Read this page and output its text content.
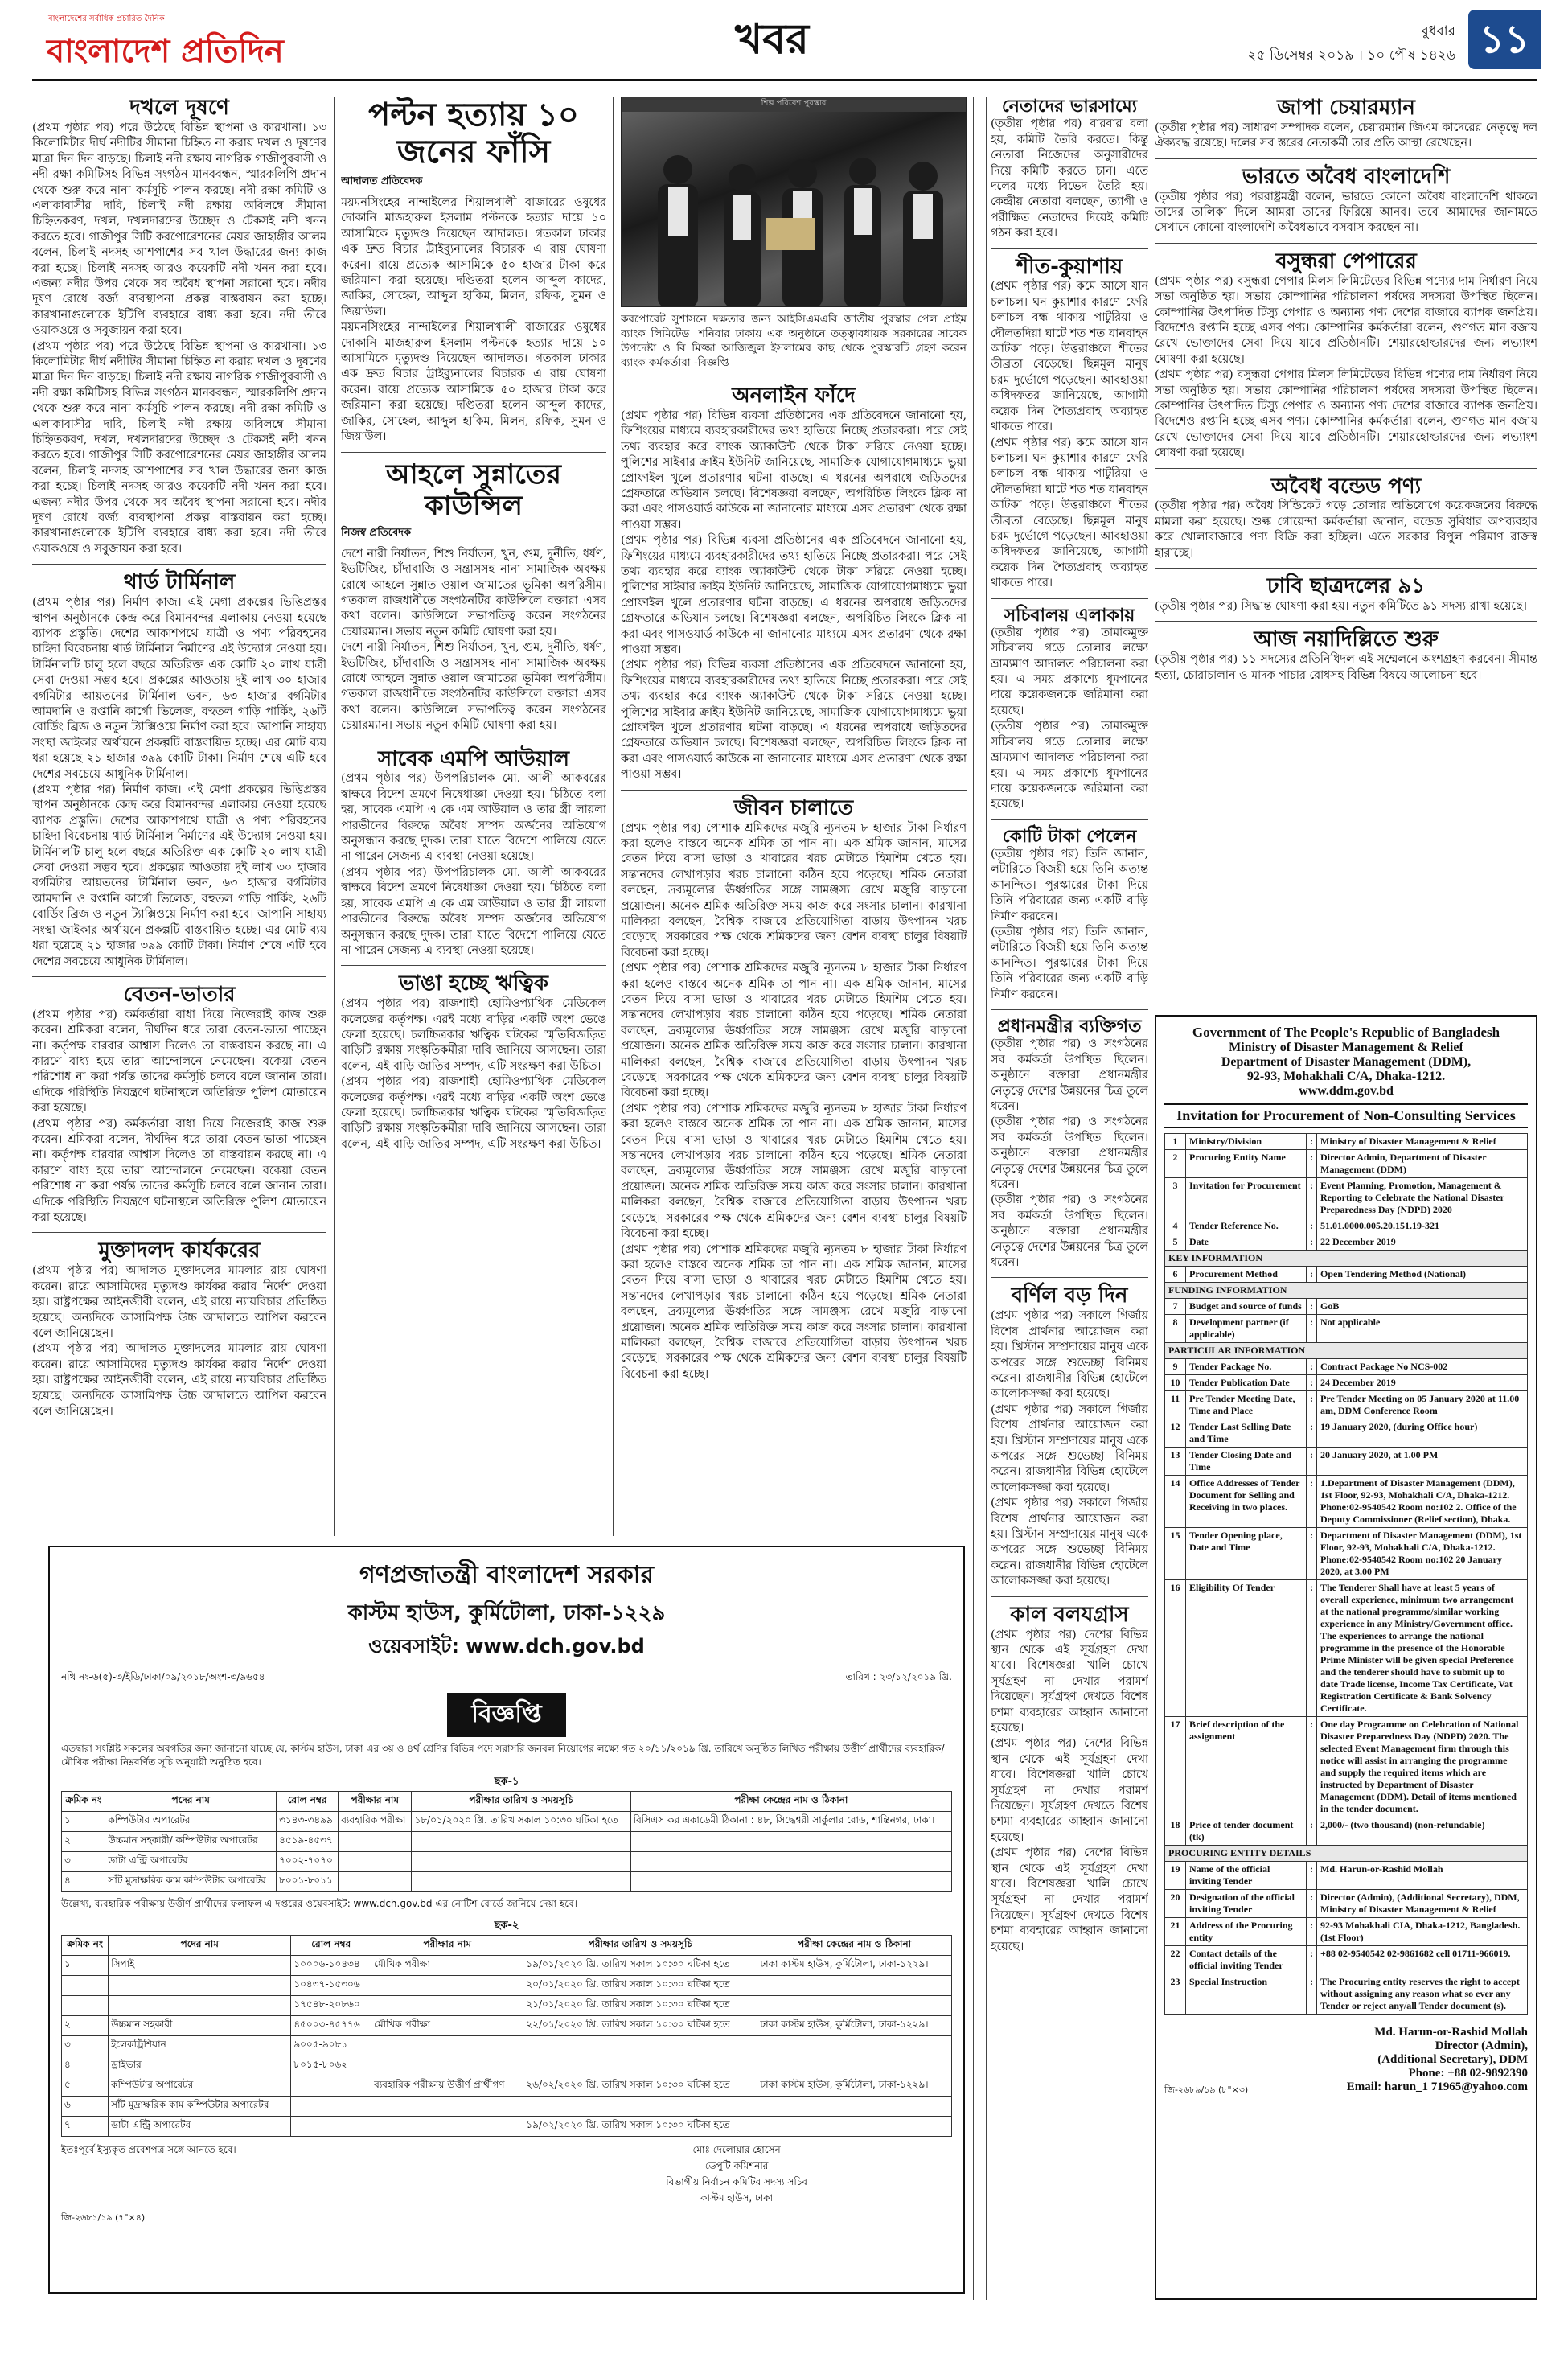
বাংলাদেশের সর্বাধিক প্রচারিত দৈনিক
বাংলাদেশ প্রতিদিন	খবর	বুধবার
২৫ ডিসেম্বর ২০১৯ । ১০ পৌষ ১৪২৬ ১১
দখলে দূষণে

(প্রথম পৃষ্ঠার পর) পরে উঠেছে বিভিন্ন স্থাপনা ও কারখানা। ১৩ কিলোমিটার দীর্ঘ নদীটির সীমানা চিহ্নিত না করায় দখল ও দূষণের মাত্রা দিন দিন বাড়ছে। চিলাই নদী রক্ষায় নাগরিক গাজীপুরবাসী ও নদী রক্ষা কমিটিসহ বিভিন্ন সংগঠন মানববন্ধন, স্মারকলিপি প্রদান থেকে শুরু করে নানা কর্মসূচি পালন করছে। নদী রক্ষা কমিটি ও এলাকাবাসীর দাবি, চিলাই নদী রক্ষায় অবিলম্বে সীমানা চিহ্নিতকরণ, দখল, দখলদারদের উচ্ছেদ ও টেকসই নদী খনন করতে হবে। গাজীপুর সিটি করপোরেশনের মেয়র জাহাঙ্গীর আলম বলেন, চিলাই নদসহ আশপাশের সব খাল উদ্ধারের জন্য কাজ করা হচ্ছে। চিলাই নদসহ আরও কয়েকটি নদী খনন করা হবে। এজন্য নদীর উপর থেকে সব অবৈধ স্থাপনা সরানো হবে। নদীর দূষণ রোধে বর্জ্য ব্যবস্থাপনা প্রকল্প বাস্তবায়ন করা হচ্ছে। কারখানাগুলোকে ইটিপি ব্যবহারে বাধ্য করা হবে। নদী তীরে ওয়াকওয়ে ও সবুজায়ন করা হবে।

(প্রথম পৃষ্ঠার পর) পরে উঠেছে বিভিন্ন স্থাপনা ও কারখানা। ১৩ কিলোমিটার দীর্ঘ নদীটির সীমানা চিহ্নিত না করায় দখল ও দূষণের মাত্রা দিন দিন বাড়ছে। চিলাই নদী রক্ষায় নাগরিক গাজীপুরবাসী ও নদী রক্ষা কমিটিসহ বিভিন্ন সংগঠন মানববন্ধন, স্মারকলিপি প্রদান থেকে শুরু করে নানা কর্মসূচি পালন করছে। নদী রক্ষা কমিটি ও এলাকাবাসীর দাবি, চিলাই নদী রক্ষায় অবিলম্বে সীমানা চিহ্নিতকরণ, দখল, দখলদারদের উচ্ছেদ ও টেকসই নদী খনন করতে হবে। গাজীপুর সিটি করপোরেশনের মেয়র জাহাঙ্গীর আলম বলেন, চিলাই নদসহ আশপাশের সব খাল উদ্ধারের জন্য কাজ করা হচ্ছে। চিলাই নদসহ আরও কয়েকটি নদী খনন করা হবে। এজন্য নদীর উপর থেকে সব অবৈধ স্থাপনা সরানো হবে। নদীর দূষণ রোধে বর্জ্য ব্যবস্থাপনা প্রকল্প বাস্তবায়ন করা হচ্ছে। কারখানাগুলোকে ইটিপি ব্যবহারে বাধ্য করা হবে। নদী তীরে ওয়াকওয়ে ও সবুজায়ন করা হবে।

থার্ড টার্মিনাল

(প্রথম পৃষ্ঠার পর) নির্মাণ কাজ। এই মেগা প্রকল্পের ভিত্তিপ্রস্তর স্থাপন অনুষ্ঠানকে কেন্দ্র করে বিমানবন্দর এলাকায় নেওয়া হয়েছে ব্যাপক প্রস্তুতি। দেশের আকাশপথে যাত্রী ও পণ্য পরিবহনের চাহিদা বিবেচনায় থার্ড টার্মিনাল নির্মাণের এই উদ্যোগ নেওয়া হয়। টার্মিনালটি চালু হলে বছরে অতিরিক্ত এক কোটি ২০ লাখ যাত্রী সেবা দেওয়া সম্ভব হবে। প্রকল্পের আওতায় দুই লাখ ৩০ হাজার বর্গমিটার আয়তনের টার্মিনাল ভবন, ৬৩ হাজার বর্গমিটার আমদানি ও রপ্তানি কার্গো ভিলেজ, বহুতল গাড়ি পার্কিং, ২৬টি বোর্ডিং ব্রিজ ও নতুন ট্যাক্সিওয়ে নির্মাণ করা হবে। জাপানি সাহায্য সংস্থা জাইকার অর্থায়নে প্রকল্পটি বাস্তবায়িত হচ্ছে। এর মোট ব্যয় ধরা হয়েছে ২১ হাজার ৩৯৯ কোটি টাকা। নির্মাণ শেষে এটি হবে দেশের সবচেয়ে আধুনিক টার্মিনাল।

(প্রথম পৃষ্ঠার পর) নির্মাণ কাজ। এই মেগা প্রকল্পের ভিত্তিপ্রস্তর স্থাপন অনুষ্ঠানকে কেন্দ্র করে বিমানবন্দর এলাকায় নেওয়া হয়েছে ব্যাপক প্রস্তুতি। দেশের আকাশপথে যাত্রী ও পণ্য পরিবহনের চাহিদা বিবেচনায় থার্ড টার্মিনাল নির্মাণের এই উদ্যোগ নেওয়া হয়। টার্মিনালটি চালু হলে বছরে অতিরিক্ত এক কোটি ২০ লাখ যাত্রী সেবা দেওয়া সম্ভব হবে। প্রকল্পের আওতায় দুই লাখ ৩০ হাজার বর্গমিটার আয়তনের টার্মিনাল ভবন, ৬৩ হাজার বর্গমিটার আমদানি ও রপ্তানি কার্গো ভিলেজ, বহুতল গাড়ি পার্কিং, ২৬টি বোর্ডিং ব্রিজ ও নতুন ট্যাক্সিওয়ে নির্মাণ করা হবে। জাপানি সাহায্য সংস্থা জাইকার অর্থায়নে প্রকল্পটি বাস্তবায়িত হচ্ছে। এর মোট ব্যয় ধরা হয়েছে ২১ হাজার ৩৯৯ কোটি টাকা। নির্মাণ শেষে এটি হবে দেশের সবচেয়ে আধুনিক টার্মিনাল।

বেতন-ভাতার

(প্রথম পৃষ্ঠার পর) কর্মকর্তারা বাধা দিয়ে নিজেরাই কাজ শুরু করেন। শ্রমিকরা বলেন, দীর্ঘদিন ধরে তারা বেতন-ভাতা পাচ্ছেন না। কর্তৃপক্ষ বারবার আশ্বাস দিলেও তা বাস্তবায়ন করছে না। এ কারণে বাধ্য হয়ে তারা আন্দোলনে নেমেছেন। বকেয়া বেতন পরিশোধ না করা পর্যন্ত তাদের কর্মসূচি চলবে বলে জানান তারা। এদিকে পরিস্থিতি নিয়ন্ত্রণে ঘটনাস্থলে অতিরিক্ত পুলিশ মোতায়েন করা হয়েছে।

(প্রথম পৃষ্ঠার পর) কর্মকর্তারা বাধা দিয়ে নিজেরাই কাজ শুরু করেন। শ্রমিকরা বলেন, দীর্ঘদিন ধরে তারা বেতন-ভাতা পাচ্ছেন না। কর্তৃপক্ষ বারবার আশ্বাস দিলেও তা বাস্তবায়ন করছে না। এ কারণে বাধ্য হয়ে তারা আন্দোলনে নেমেছেন। বকেয়া বেতন পরিশোধ না করা পর্যন্ত তাদের কর্মসূচি চলবে বলে জানান তারা। এদিকে পরিস্থিতি নিয়ন্ত্রণে ঘটনাস্থলে অতিরিক্ত পুলিশ মোতায়েন করা হয়েছে।

মুক্তাদলদ কার্যকরের

(প্রথম পৃষ্ঠার পর) আদালত মুক্তাদলের মামলার রায় ঘোষণা করেন। রায়ে আসামিদের মৃত্যুদণ্ড কার্যকর করার নির্দেশ দেওয়া হয়। রাষ্ট্রপক্ষের আইনজীবী বলেন, এই রায়ে ন্যায়বিচার প্রতিষ্ঠিত হয়েছে। অন্যদিকে আসামিপক্ষ উচ্চ আদালতে আপিল করবেন বলে জানিয়েছেন।

(প্রথম পৃষ্ঠার পর) আদালত মুক্তাদলের মামলার রায় ঘোষণা করেন। রায়ে আসামিদের মৃত্যুদণ্ড কার্যকর করার নির্দেশ দেওয়া হয়। রাষ্ট্রপক্ষের আইনজীবী বলেন, এই রায়ে ন্যায়বিচার প্রতিষ্ঠিত হয়েছে। অন্যদিকে আসামিপক্ষ উচ্চ আদালতে আপিল করবেন বলে জানিয়েছেন।

পল্টন হত্যায় ১০ জনের ফাঁসি
আদালত প্রতিবেদক

ময়মনসিংহের নান্দাইলের শিয়ালখালী বাজারের ওষুধের দোকানি মাজহারুল ইসলাম পল্টনকে হত্যার দায়ে ১০ আসামিকে মৃত্যুদণ্ড দিয়েছেন আদালত। গতকাল ঢাকার এক দ্রুত বিচার ট্রাইব্যুনালের বিচারক এ রায় ঘোষণা করেন। রায়ে প্রত্যেক আসামিকে ৫০ হাজার টাকা করে জরিমানা করা হয়েছে। দণ্ডিতরা হলেন আব্দুল কাদের, জাকির, সোহেল, আব্দুল হাকিম, মিলন, রফিক, সুমন ও জিয়াউল।

ময়মনসিংহের নান্দাইলের শিয়ালখালী বাজারের ওষুধের দোকানি মাজহারুল ইসলাম পল্টনকে হত্যার দায়ে ১০ আসামিকে মৃত্যুদণ্ড দিয়েছেন আদালত। গতকাল ঢাকার এক দ্রুত বিচার ট্রাইব্যুনালের বিচারক এ রায় ঘোষণা করেন। রায়ে প্রত্যেক আসামিকে ৫০ হাজার টাকা করে জরিমানা করা হয়েছে। দণ্ডিতরা হলেন আব্দুল কাদের, জাকির, সোহেল, আব্দুল হাকিম, মিলন, রফিক, সুমন ও জিয়াউল।

আহলে সুন্নাতের কাউন্সিল
নিজস্ব প্রতিবেদক

দেশে নারী নির্যাতন, শিশু নির্যাতন, খুন, গুম, দুর্নীতি, ধর্ষণ, ইভটিজিং, চাঁদাবাজি ও সন্ত্রাসসহ নানা সামাজিক অবক্ষয় রোধে আহলে সুন্নাত ওয়াল জামাতের ভূমিকা অপরিসীম। গতকাল রাজধানীতে সংগঠনটির কাউন্সিলে বক্তারা এসব কথা বলেন। কাউন্সিলে সভাপতিত্ব করেন সংগঠনের চেয়ারম্যান। সভায় নতুন কমিটি ঘোষণা করা হয়।

দেশে নারী নির্যাতন, শিশু নির্যাতন, খুন, গুম, দুর্নীতি, ধর্ষণ, ইভটিজিং, চাঁদাবাজি ও সন্ত্রাসসহ নানা সামাজিক অবক্ষয় রোধে আহলে সুন্নাত ওয়াল জামাতের ভূমিকা অপরিসীম। গতকাল রাজধানীতে সংগঠনটির কাউন্সিলে বক্তারা এসব কথা বলেন। কাউন্সিলে সভাপতিত্ব করেন সংগঠনের চেয়ারম্যান। সভায় নতুন কমিটি ঘোষণা করা হয়।

সাবেক এমপি আউয়াল

(প্রথম পৃষ্ঠার পর) উপপরিচালক মো. আলী আকবরের স্বাক্ষরে বিদেশ ভ্রমণে নিষেধাজ্ঞা দেওয়া হয়। চিঠিতে বলা হয়, সাবেক এমপি এ কে এম আউয়াল ও তার স্ত্রী লায়লা পারভীনের বিরুদ্ধে অবৈধ সম্পদ অর্জনের অভিযোগ অনুসন্ধান করছে দুদক। তারা যাতে বিদেশে পালিয়ে যেতে না পারেন সেজন্য এ ব্যবস্থা নেওয়া হয়েছে।

(প্রথম পৃষ্ঠার পর) উপপরিচালক মো. আলী আকবরের স্বাক্ষরে বিদেশ ভ্রমণে নিষেধাজ্ঞা দেওয়া হয়। চিঠিতে বলা হয়, সাবেক এমপি এ কে এম আউয়াল ও তার স্ত্রী লায়লা পারভীনের বিরুদ্ধে অবৈধ সম্পদ অর্জনের অভিযোগ অনুসন্ধান করছে দুদক। তারা যাতে বিদেশে পালিয়ে যেতে না পারেন সেজন্য এ ব্যবস্থা নেওয়া হয়েছে।

ভাঙা হচ্ছে ঋত্বিক

(প্রথম পৃষ্ঠার পর) রাজশাহী হোমিওপ্যাথিক মেডিকেল কলেজের কর্তৃপক্ষ। এরই মধ্যে বাড়ির একটি অংশ ভেঙে ফেলা হয়েছে। চলচ্চিত্রকার ঋত্বিক ঘটকের স্মৃতিবিজড়িত বাড়িটি রক্ষায় সংস্কৃতিকর্মীরা দাবি জানিয়ে আসছেন। তারা বলেন, এই বাড়ি জাতির সম্পদ, এটি সংরক্ষণ করা উচিত।

(প্রথম পৃষ্ঠার পর) রাজশাহী হোমিওপ্যাথিক মেডিকেল কলেজের কর্তৃপক্ষ। এরই মধ্যে বাড়ির একটি অংশ ভেঙে ফেলা হয়েছে। চলচ্চিত্রকার ঋত্বিক ঘটকের স্মৃতিবিজড়িত বাড়িটি রক্ষায় সংস্কৃতিকর্মীরা দাবি জানিয়ে আসছেন। তারা বলেন, এই বাড়ি জাতির সম্পদ, এটি সংরক্ষণ করা উচিত।

শিল্প পরিবেশ পুরস্কার

করপোরেট সুশাসনে দক্ষতার জন্য আইসিএমএবি জাতীয় পুরস্কার পেল প্রাইম ব্যাংক লিমিটেড। শনিবার ঢাকায় এক অনুষ্ঠানে তত্ত্বাবধায়ক সরকারের সাবেক উপদেষ্টা ও বি মিজ্জা আজিজুল ইসলামের কাছ থেকে পুরস্কারটি গ্রহণ করেন ব্যাংক কর্মকর্তারা -বিজ্ঞপ্তি

অনলাইন ফাঁদে

(প্রথম পৃষ্ঠার পর) বিভিন্ন ব্যবসা প্রতিষ্ঠানের এক প্রতিবেদনে জানানো হয়, ফিশিংয়ের মাধ্যমে ব্যবহারকারীদের তথ্য হাতিয়ে নিচ্ছে প্রতারকরা। পরে সেই তথ্য ব্যবহার করে ব্যাংক অ্যাকাউন্ট থেকে টাকা সরিয়ে নেওয়া হচ্ছে। পুলিশের সাইবার ক্রাইম ইউনিট জানিয়েছে, সামাজিক যোগাযোগমাধ্যমে ভুয়া প্রোফাইল খুলে প্রতারণার ঘটনা বাড়ছে। এ ধরনের অপরাধে জড়িতদের গ্রেফতারে অভিযান চলছে। বিশেষজ্ঞরা বলছেন, অপরিচিত লিংকে ক্লিক না করা এবং পাসওয়ার্ড কাউকে না জানানোর মাধ্যমে এসব প্রতারণা থেকে রক্ষা পাওয়া সম্ভব।

(প্রথম পৃষ্ঠার পর) বিভিন্ন ব্যবসা প্রতিষ্ঠানের এক প্রতিবেদনে জানানো হয়, ফিশিংয়ের মাধ্যমে ব্যবহারকারীদের তথ্য হাতিয়ে নিচ্ছে প্রতারকরা। পরে সেই তথ্য ব্যবহার করে ব্যাংক অ্যাকাউন্ট থেকে টাকা সরিয়ে নেওয়া হচ্ছে। পুলিশের সাইবার ক্রাইম ইউনিট জানিয়েছে, সামাজিক যোগাযোগমাধ্যমে ভুয়া প্রোফাইল খুলে প্রতারণার ঘটনা বাড়ছে। এ ধরনের অপরাধে জড়িতদের গ্রেফতারে অভিযান চলছে। বিশেষজ্ঞরা বলছেন, অপরিচিত লিংকে ক্লিক না করা এবং পাসওয়ার্ড কাউকে না জানানোর মাধ্যমে এসব প্রতারণা থেকে রক্ষা পাওয়া সম্ভব।

(প্রথম পৃষ্ঠার পর) বিভিন্ন ব্যবসা প্রতিষ্ঠানের এক প্রতিবেদনে জানানো হয়, ফিশিংয়ের মাধ্যমে ব্যবহারকারীদের তথ্য হাতিয়ে নিচ্ছে প্রতারকরা। পরে সেই তথ্য ব্যবহার করে ব্যাংক অ্যাকাউন্ট থেকে টাকা সরিয়ে নেওয়া হচ্ছে। পুলিশের সাইবার ক্রাইম ইউনিট জানিয়েছে, সামাজিক যোগাযোগমাধ্যমে ভুয়া প্রোফাইল খুলে প্রতারণার ঘটনা বাড়ছে। এ ধরনের অপরাধে জড়িতদের গ্রেফতারে অভিযান চলছে। বিশেষজ্ঞরা বলছেন, অপরিচিত লিংকে ক্লিক না করা এবং পাসওয়ার্ড কাউকে না জানানোর মাধ্যমে এসব প্রতারণা থেকে রক্ষা পাওয়া সম্ভব।

জীবন চালাতে

(প্রথম পৃষ্ঠার পর) পোশাক শ্রমিকদের মজুরি ন্যূনতম ৮ হাজার টাকা নির্ধারণ করা হলেও বাস্তবে অনেক শ্রমিক তা পান না। এক শ্রমিক জানান, মাসের বেতন দিয়ে বাসা ভাড়া ও খাবারের খরচ মেটাতে হিমশিম খেতে হয়। সন্তানদের লেখাপড়ার খরচ চালানো কঠিন হয়ে পড়েছে। শ্রমিক নেতারা বলছেন, দ্রব্যমূল্যের ঊর্ধ্বগতির সঙ্গে সামঞ্জস্য রেখে মজুরি বাড়ানো প্রয়োজন। অনেক শ্রমিক অতিরিক্ত সময় কাজ করে সংসার চালান। কারখানা মালিকরা বলছেন, বৈশ্বিক বাজারে প্রতিযোগিতা বাড়ায় উৎপাদন খরচ বেড়েছে। সরকারের পক্ষ থেকে শ্রমিকদের জন্য রেশন ব্যবস্থা চালুর বিষয়টি বিবেচনা করা হচ্ছে।

(প্রথম পৃষ্ঠার পর) পোশাক শ্রমিকদের মজুরি ন্যূনতম ৮ হাজার টাকা নির্ধারণ করা হলেও বাস্তবে অনেক শ্রমিক তা পান না। এক শ্রমিক জানান, মাসের বেতন দিয়ে বাসা ভাড়া ও খাবারের খরচ মেটাতে হিমশিম খেতে হয়। সন্তানদের লেখাপড়ার খরচ চালানো কঠিন হয়ে পড়েছে। শ্রমিক নেতারা বলছেন, দ্রব্যমূল্যের ঊর্ধ্বগতির সঙ্গে সামঞ্জস্য রেখে মজুরি বাড়ানো প্রয়োজন। অনেক শ্রমিক অতিরিক্ত সময় কাজ করে সংসার চালান। কারখানা মালিকরা বলছেন, বৈশ্বিক বাজারে প্রতিযোগিতা বাড়ায় উৎপাদন খরচ বেড়েছে। সরকারের পক্ষ থেকে শ্রমিকদের জন্য রেশন ব্যবস্থা চালুর বিষয়টি বিবেচনা করা হচ্ছে।

(প্রথম পৃষ্ঠার পর) পোশাক শ্রমিকদের মজুরি ন্যূনতম ৮ হাজার টাকা নির্ধারণ করা হলেও বাস্তবে অনেক শ্রমিক তা পান না। এক শ্রমিক জানান, মাসের বেতন দিয়ে বাসা ভাড়া ও খাবারের খরচ মেটাতে হিমশিম খেতে হয়। সন্তানদের লেখাপড়ার খরচ চালানো কঠিন হয়ে পড়েছে। শ্রমিক নেতারা বলছেন, দ্রব্যমূল্যের ঊর্ধ্বগতির সঙ্গে সামঞ্জস্য রেখে মজুরি বাড়ানো প্রয়োজন। অনেক শ্রমিক অতিরিক্ত সময় কাজ করে সংসার চালান। কারখানা মালিকরা বলছেন, বৈশ্বিক বাজারে প্রতিযোগিতা বাড়ায় উৎপাদন খরচ বেড়েছে। সরকারের পক্ষ থেকে শ্রমিকদের জন্য রেশন ব্যবস্থা চালুর বিষয়টি বিবেচনা করা হচ্ছে।

(প্রথম পৃষ্ঠার পর) পোশাক শ্রমিকদের মজুরি ন্যূনতম ৮ হাজার টাকা নির্ধারণ করা হলেও বাস্তবে অনেক শ্রমিক তা পান না। এক শ্রমিক জানান, মাসের বেতন দিয়ে বাসা ভাড়া ও খাবারের খরচ মেটাতে হিমশিম খেতে হয়। সন্তানদের লেখাপড়ার খরচ চালানো কঠিন হয়ে পড়েছে। শ্রমিক নেতারা বলছেন, দ্রব্যমূল্যের ঊর্ধ্বগতির সঙ্গে সামঞ্জস্য রেখে মজুরি বাড়ানো প্রয়োজন। অনেক শ্রমিক অতিরিক্ত সময় কাজ করে সংসার চালান। কারখানা মালিকরা বলছেন, বৈশ্বিক বাজারে প্রতিযোগিতা বাড়ায় উৎপাদন খরচ বেড়েছে। সরকারের পক্ষ থেকে শ্রমিকদের জন্য রেশন ব্যবস্থা চালুর বিষয়টি বিবেচনা করা হচ্ছে।

নেতাদের ভারসাম্যে

(তৃতীয় পৃষ্ঠার পর) বারবার বলা হয়, কমিটি তৈরি করতে। কিন্তু নেতারা নিজেদের অনুসারীদের দিয়ে কমিটি করতে চান। এতে দলের মধ্যে বিভেদ তৈরি হয়। কেন্দ্রীয় নেতারা বলছেন, ত্যাগী ও পরীক্ষিত নেতাদের দিয়েই কমিটি গঠন করা হবে।

শীত-কুয়াশায়

(প্রথম পৃষ্ঠার পর) কমে আসে যান চলাচল। ঘন কুয়াশার কারণে ফেরি চলাচল বন্ধ থাকায় পাটুরিয়া ও দৌলতদিয়া ঘাটে শত শত যানবাহন আটকা পড়ে। উত্তরাঞ্চলে শীতের তীব্রতা বেড়েছে। ছিন্নমূল মানুষ চরম দুর্ভোগে পড়েছেন। আবহাওয়া অধিদফতর জানিয়েছে, আগামী কয়েক দিন শৈত্যপ্রবাহ অব্যাহত থাকতে পারে।

(প্রথম পৃষ্ঠার পর) কমে আসে যান চলাচল। ঘন কুয়াশার কারণে ফেরি চলাচল বন্ধ থাকায় পাটুরিয়া ও দৌলতদিয়া ঘাটে শত শত যানবাহন আটকা পড়ে। উত্তরাঞ্চলে শীতের তীব্রতা বেড়েছে। ছিন্নমূল মানুষ চরম দুর্ভোগে পড়েছেন। আবহাওয়া অধিদফতর জানিয়েছে, আগামী কয়েক দিন শৈত্যপ্রবাহ অব্যাহত থাকতে পারে।

সচিবালয় এলাকায়

(তৃতীয় পৃষ্ঠার পর) তামাকমুক্ত সচিবালয় গড়ে তোলার লক্ষ্যে ভ্রাম্যমাণ আদালত পরিচালনা করা হয়। এ সময় প্রকাশ্যে ধূমপানের দায়ে কয়েকজনকে জরিমানা করা হয়েছে।

(তৃতীয় পৃষ্ঠার পর) তামাকমুক্ত সচিবালয় গড়ে তোলার লক্ষ্যে ভ্রাম্যমাণ আদালত পরিচালনা করা হয়। এ সময় প্রকাশ্যে ধূমপানের দায়ে কয়েকজনকে জরিমানা করা হয়েছে।

কোটি টাকা পেলেন

(তৃতীয় পৃষ্ঠার পর) তিনি জানান, লটারিতে বিজয়ী হয়ে তিনি অত্যন্ত আনন্দিত। পুরস্কারের টাকা দিয়ে তিনি পরিবারের জন্য একটি বাড়ি নির্মাণ করবেন।

(তৃতীয় পৃষ্ঠার পর) তিনি জানান, লটারিতে বিজয়ী হয়ে তিনি অত্যন্ত আনন্দিত। পুরস্কারের টাকা দিয়ে তিনি পরিবারের জন্য একটি বাড়ি নির্মাণ করবেন।

প্রধানমন্ত্রীর ব্যক্তিগত

(তৃতীয় পৃষ্ঠার পর) ও সংগঠনের সব কর্মকর্তা উপস্থিত ছিলেন। অনুষ্ঠানে বক্তারা প্রধানমন্ত্রীর নেতৃত্বে দেশের উন্নয়নের চিত্র তুলে ধরেন।

(তৃতীয় পৃষ্ঠার পর) ও সংগঠনের সব কর্মকর্তা উপস্থিত ছিলেন। অনুষ্ঠানে বক্তারা প্রধানমন্ত্রীর নেতৃত্বে দেশের উন্নয়নের চিত্র তুলে ধরেন।

(তৃতীয় পৃষ্ঠার পর) ও সংগঠনের সব কর্মকর্তা উপস্থিত ছিলেন। অনুষ্ঠানে বক্তারা প্রধানমন্ত্রীর নেতৃত্বে দেশের উন্নয়নের চিত্র তুলে ধরেন।

বর্ণিল বড় দিন

(প্রথম পৃষ্ঠার পর) সকালে গির্জায় বিশেষ প্রার্থনার আয়োজন করা হয়। খ্রিস্টান সম্প্রদায়ের মানুষ একে অপরের সঙ্গে শুভেচ্ছা বিনিময় করেন। রাজধানীর বিভিন্ন হোটেলে আলোকসজ্জা করা হয়েছে।

(প্রথম পৃষ্ঠার পর) সকালে গির্জায় বিশেষ প্রার্থনার আয়োজন করা হয়। খ্রিস্টান সম্প্রদায়ের মানুষ একে অপরের সঙ্গে শুভেচ্ছা বিনিময় করেন। রাজধানীর বিভিন্ন হোটেলে আলোকসজ্জা করা হয়েছে।

(প্রথম পৃষ্ঠার পর) সকালে গির্জায় বিশেষ প্রার্থনার আয়োজন করা হয়। খ্রিস্টান সম্প্রদায়ের মানুষ একে অপরের সঙ্গে শুভেচ্ছা বিনিময় করেন। রাজধানীর বিভিন্ন হোটেলে আলোকসজ্জা করা হয়েছে।

কাল বলযগ্রাস

(প্রথম পৃষ্ঠার পর) দেশের বিভিন্ন স্থান থেকে এই সূর্যগ্রহণ দেখা যাবে। বিশেষজ্ঞরা খালি চোখে সূর্যগ্রহণ না দেখার পরামর্শ দিয়েছেন। সূর্যগ্রহণ দেখতে বিশেষ চশমা ব্যবহারের আহ্বান জানানো হয়েছে।

(প্রথম পৃষ্ঠার পর) দেশের বিভিন্ন স্থান থেকে এই সূর্যগ্রহণ দেখা যাবে। বিশেষজ্ঞরা খালি চোখে সূর্যগ্রহণ না দেখার পরামর্শ দিয়েছেন। সূর্যগ্রহণ দেখতে বিশেষ চশমা ব্যবহারের আহ্বান জানানো হয়েছে।

(প্রথম পৃষ্ঠার পর) দেশের বিভিন্ন স্থান থেকে এই সূর্যগ্রহণ দেখা যাবে। বিশেষজ্ঞরা খালি চোখে সূর্যগ্রহণ না দেখার পরামর্শ দিয়েছেন। সূর্যগ্রহণ দেখতে বিশেষ চশমা ব্যবহারের আহ্বান জানানো হয়েছে।

জাপা চেয়ারম্যান

(তৃতীয় পৃষ্ঠার পর) সাধারণ সম্পাদক বলেন, চেয়ারম্যান জিএম কাদেরের নেতৃত্বে দল ঐক্যবদ্ধ রয়েছে। দলের সব স্তরের নেতাকর্মী তার প্রতি আস্থা রেখেছেন।

ভারতে অবৈধ বাংলাদেশি

(তৃতীয় পৃষ্ঠার পর) পররাষ্ট্রমন্ত্রী বলেন, ভারতে কোনো অবৈধ বাংলাদেশি থাকলে তাদের তালিকা দিলে আমরা তাদের ফিরিয়ে আনব। তবে আমাদের জানামতে সেখানে কোনো বাংলাদেশি অবৈধভাবে বসবাস করছেন না।

বসুন্ধরা পেপারের

(প্রথম পৃষ্ঠার পর) বসুন্ধরা পেপার মিলস লিমিটেডের বিভিন্ন পণ্যের দাম নির্ধারণ নিয়ে সভা অনুষ্ঠিত হয়। সভায় কোম্পানির পরিচালনা পর্ষদের সদস্যরা উপস্থিত ছিলেন। কোম্পানির উৎপাদিত টিস্যু পেপার ও অন্যান্য পণ্য দেশের বাজারে ব্যাপক জনপ্রিয়। বিদেশেও রপ্তানি হচ্ছে এসব পণ্য। কোম্পানির কর্মকর্তারা বলেন, গুণগত মান বজায় রেখে ভোক্তাদের সেবা দিয়ে যাবে প্রতিষ্ঠানটি। শেয়ারহোল্ডারদের জন্য লভ্যাংশ ঘোষণা করা হয়েছে।

(প্রথম পৃষ্ঠার পর) বসুন্ধরা পেপার মিলস লিমিটেডের বিভিন্ন পণ্যের দাম নির্ধারণ নিয়ে সভা অনুষ্ঠিত হয়। সভায় কোম্পানির পরিচালনা পর্ষদের সদস্যরা উপস্থিত ছিলেন। কোম্পানির উৎপাদিত টিস্যু পেপার ও অন্যান্য পণ্য দেশের বাজারে ব্যাপক জনপ্রিয়। বিদেশেও রপ্তানি হচ্ছে এসব পণ্য। কোম্পানির কর্মকর্তারা বলেন, গুণগত মান বজায় রেখে ভোক্তাদের সেবা দিয়ে যাবে প্রতিষ্ঠানটি। শেয়ারহোল্ডারদের জন্য লভ্যাংশ ঘোষণা করা হয়েছে।

অবৈধ বন্ডেড পণ্য

(তৃতীয় পৃষ্ঠার পর) অবৈধ সিন্ডিকেট গড়ে তোলার অভিযোগে কয়েকজনের বিরুদ্ধে মামলা করা হয়েছে। শুল্ক গোয়েন্দা কর্মকর্তারা জানান, বন্ডেড সুবিধার অপব্যবহার করে খোলাবাজারে পণ্য বিক্রি করা হচ্ছিল। এতে সরকার বিপুল পরিমাণ রাজস্ব হারাচ্ছে।

ঢাবি ছাত্রদলের ৯১

(তৃতীয় পৃষ্ঠার পর) সিদ্ধান্ত ঘোষণা করা হয়। নতুন কমিটিতে ৯১ সদস্য রাখা হয়েছে।

আজ নয়াদিল্লিতে শুরু

(তৃতীয় পৃষ্ঠার পর) ১১ সদস্যের প্রতিনিধিদল এই সম্মেলনে অংশগ্রহণ করবেন। সীমান্ত হত্যা, চোরাচালান ও মাদক পাচার রোধসহ বিভিন্ন বিষয়ে আলোচনা হবে।

গণপ্রজাতন্ত্রী বাংলাদেশ সরকার
কাস্টম হাউস, কুর্মিটোলা, ঢাকা-১২২৯
ওয়েবসাইট: www.dch.gov.bd
নথি নং-৬(৫)-৩/ইডি/ঢাকা/০৯/২০১৮/অংশ-৩/৯৬৫৪	তারিখ : ২৩/১২/২০১৯ খ্রি.
বিজ্ঞপ্তি

এতদ্বারা সংশ্লিষ্ট সকলের অবগতির জন্য জানানো যাচ্ছে যে, কাস্টম হাউস, ঢাকা এর ৩য় ও ৪র্থ শ্রেণির বিভিন্ন পদে সরাসরি জনবল নিয়োগের লক্ষ্যে গত ২০/১১/২০১৯ খ্রি. তারিখে অনুষ্ঠিত লিখিত পরীক্ষায় উত্তীর্ণ প্রার্থীদের ব্যবহারিক/মৌখিক পরীক্ষা নিম্নবর্ণিত সূচি অনুযায়ী অনুষ্ঠিত হবে।

ছক-১
ক্রমিক নং	পদের নাম	রোল নম্বর	পরীক্ষার নাম	পরীক্ষার তারিখ ও সময়সূচি	পরীক্ষা কেন্দ্রের নাম ও ঠিকানা
১	কম্পিউটার অপারেটর	৩১৪৩-৩৪৯৯	ব্যবহারিক পরীক্ষা	১৮/০১/২০২০ খ্রি. তারিখ সকাল ১০:৩০ ঘটিকা হতে	বিসিএস কর একাডেমী ঠিকানা : ৪৮, সিদ্ধেশ্বরী সার্কুলার রোড, শান্তিনগর, ঢাকা।
২	উচ্চমান সহকারী/ কম্পিউটার অপারেটর	৪৫১৯-৪৫৩৭			
৩	ডাটা এন্ট্রি অপারেটর	৭০০২-৭০৭০			
৪	সাঁট মুদ্রাক্ষরিক কাম কম্পিউটার অপারেটর	৮০০১-৮০১১			

উল্লেখ্য, ব্যবহারিক পরীক্ষায় উত্তীর্ণ প্রার্থীদের ফলাফল এ দপ্তরের ওয়েবসাইট: www.dch.gov.bd এর নোটিশ বোর্ডে জানিয়ে দেয়া হবে।

ছক-২
ক্রমিক নং	পদের নাম	রোল নম্বর	পরীক্ষার নাম	পরীক্ষার তারিখ ও সময়সূচি	পরীক্ষা কেন্দ্রের নাম ও ঠিকানা
১	সিপাই	১০০০৬-১০৪৩৪	মৌখিক পরীক্ষা	১৯/০১/২০২০ খ্রি. তারিখ সকাল ১০:৩০ ঘটিকা হতে	ঢাকা কাস্টম হাউস, কুর্মিটোলা, ঢাকা-১২২৯।
		১০৪৩৭-১৫৩০৬		২০/০১/২০২০ খ্রি. তারিখ সকাল ১০:৩০ ঘটিকা হতে	
		১৭৫৪৮-২০৮৬০		২১/০১/২০২০ খ্রি. তারিখ সকাল ১০:৩০ ঘটিকা হতে	
২	উচ্চমান সহকারী	৪৫০০৩-৪৫৭৭৬	মৌখিক পরীক্ষা	২২/০১/২০২০ খ্রি. তারিখ সকাল ১০:৩০ ঘটিকা হতে	ঢাকা কাস্টম হাউস, কুর্মিটোলা, ঢাকা-১২২৯।
৩	ইলেকট্রিশিয়ান	৯০০৫-৯০৮১			
৪	ড্রাইভার	৮০১৫-৮০৬২			
৫	কম্পিউটার অপারেটর		ব্যবহারিক পরীক্ষায় উত্তীর্ণ প্রার্থীগণ	২৬/০২/২০২০ খ্রি. তারিখ সকাল ১০:৩০ ঘটিকা হতে	ঢাকা কাস্টম হাউস, কুর্মিটোলা, ঢাকা-১২২৯।
৬	সাঁট মুদ্রাক্ষরিক কাম কম্পিউটার অপারেটর				
৭	ডাটা এন্ট্রি অপারেটর			১৯/০২/২০২০ খ্রি. তারিখ সকাল ১০:৩০ ঘটিকা হতে	
ইতঃপূর্বে ইস্যুকৃত প্রবেশপত্র সঙ্গে আনতে হবে।	মোঃ দেলোয়ার হোসেন
ডেপুটি কমিশনার
বিভাগীয় নির্বাচন কমিটির সদস্য সচিব
কাস্টম হাউস, ঢাকা
জি-২৬৮১/১৯ (৭"×৪)
Government of The People's Republic of Bangladesh
Ministry of Disaster Management & Relief
Department of Disaster Management (DDM),
92-93, Mohakhali C/A, Dhaka-1212.
www.ddm.gov.bd
Invitation for Procurement of Non-Consulting Services
1	Ministry/Division	:	Ministry of Disaster Management & Relief
2	Procuring Entity Name	:	Director Admin, Department of Disaster Management (DDM)
3	Invitation for Procurement	:	Event Planning, Promotion, Management & Reporting to Celebrate the National Disaster Preparedness Day (NDPD) 2020
4	Tender Reference No.	:	51.01.0000.005.20.151.19-321
5	Date	:	22 December 2019
KEY INFORMATION			
6	Procurement Method	:	Open Tendering Method (National)
FUNDING INFORMATION			
7	Budget and source of funds	:	GoB
8	Development partner (if applicable)	:	Not applicable
PARTICULAR INFORMATION			
9	Tender Package No.	:	Contract Package No NCS-002
10	Tender Publication Date	:	24 December 2019
11	Pre Tender Meeting Date, Time and Place	:	Pre Tender Meeting on 05 January 2020 at 11.00 am, DDM Conference Room
12	Tender Last Selling Date and Time	:	19 January 2020, (during Office hour)
13	Tender Closing Date and Time	:	20 January 2020, at 1.00 PM
14	Office Addresses of Tender Document for Selling and Receiving in two places.	:	1.Department of Disaster Management (DDM), 1st Floor, 92-93, Mohakhali C/A, Dhaka-1212. Phone:02-9540542 Room no:102 2. Office of the Deputy Commissioner (Relief section), Dhaka.
15	Tender Opening place, Date and Time	:	Department of Disaster Management (DDM), 1st Floor, 92-93, Mohakhali C/A, Dhaka-1212. Phone:02-9540542 Room no:102 20 January 2020, at 3.00 PM
16	Eligibility Of Tender	:	The Tenderer Shall have at least 5 years of overall experience, minimum two arrangement at the national programme/similar working experience in any Ministry/Government office. The experiences to arrange the national programme in the presence of the Honorable Prime Minister will be given special Preference and the tenderer should have to submit up to date Trade license, Income Tax Certificate, Vat Registration Certificate & Bank Solvency Certificate.
17	Brief description of the assignment	:	One day Programme on Celebration of National Disaster Preparedness Day (NDPD) 2020. The selected Event Management firm through this notice will assist in arranging the programme and supply the required items which are instructed by Department of Disaster Management (DDM). Detail of items mentioned in the tender document.
18	Price of tender document (tk)	:	2,000/- (two thousand) (non-refundable)
PROCURING ENTITY DETAILS			
19	Name of the official inviting Tender	:	Md. Harun-or-Rashid Mollah
20	Designation of the official inviting Tender	:	Director (Admin), (Additional Secretary), DDM, Ministry of Disaster Management & Relief
21	Address of the Procuring entity	:	92-93 Mohakhali CIA, Dhaka-1212, Bangladesh. (1st Floor)
22	Contact details of the official inviting Tender	:	+88 02-9540542 02-9861682 cell 01711-966019.
23	Special Instruction	:	The Procuring entity reserves the right to accept without assigning any reason what so ever any Tender or reject any/all Tender document (s).
Md. Harun-or-Rashid Mollah
Director (Admin),
(Additional Secretary), DDM
Phone: +88 02-9892390
Email: harun_1 71965@yahoo.com
জি-২৬৮৯/১৯ (৮"×৩)
